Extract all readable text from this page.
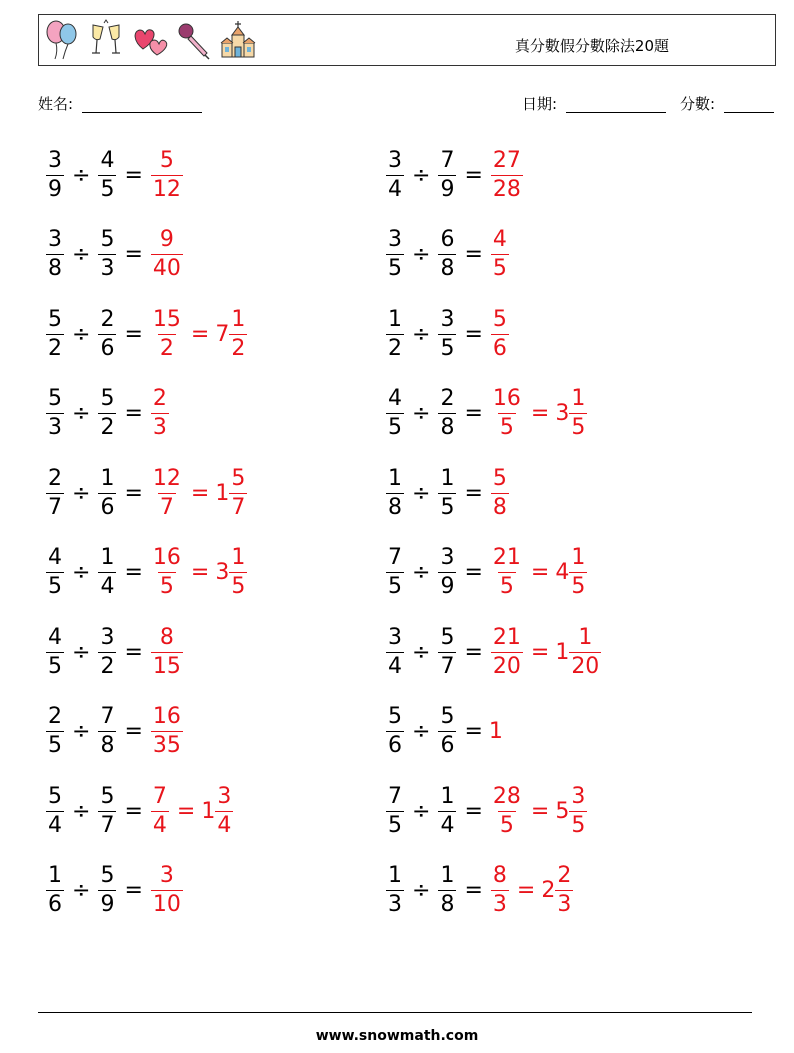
真分數假分數除法20題
姓名:	日期:	分數:
$\frac{3}{9} \div \frac{4}{5} = \frac{5}{12}$	$\frac{3}{4} \div \frac{7}{9} = \frac{27}{28}$
$\frac{3}{8} \div \frac{5}{3} = \frac{9}{40}$	$\frac{3}{5} \div \frac{6}{8} = \frac{4}{5}$
$\frac{5}{2} \div \frac{2}{6} = \frac{15}{2} = 7 \frac{1}{2}$	$\frac{1}{2} \div \frac{3}{5} = \frac{5}{6}$
$\frac{5}{3} \div \frac{5}{2} = \frac{2}{3}$	$\frac{4}{5} \div \frac{2}{8} = \frac{16}{5} = 3 \frac{1}{5}$
$\frac{2}{7} \div \frac{1}{6} = \frac{12}{7} = 1 \frac{5}{7}$	$\frac{1}{8} \div \frac{1}{5} = \frac{5}{8}$
$\frac{4}{5} \div \frac{1}{4} = \frac{16}{5} = 3 \frac{1}{5}$	$\frac{7}{5} \div \frac{3}{9} = \frac{21}{5} = 4 \frac{1}{5}$
$\frac{4}{5} \div \frac{3}{2} = \frac{8}{15}$	$\frac{3}{4} \div \frac{5}{7} = \frac{21}{20} = 1 \frac{1}{20}$
$\frac{2}{5} \div \frac{7}{8} = \frac{16}{35}$	$\frac{5}{6} \div \frac{5}{6} = 1$
$\frac{5}{4} \div \frac{5}{7} = \frac{7}{4} = 1 \frac{3}{4}$	$\frac{7}{5} \div \frac{1}{4} = \frac{28}{5} = 5 \frac{3}{5}$
$\frac{1}{6} \div \frac{5}{9} = \frac{3}{10}$	$\frac{1}{3} \div \frac{1}{8} = \frac{8}{3} = 2 \frac{2}{3}$
www.snowmath.com
